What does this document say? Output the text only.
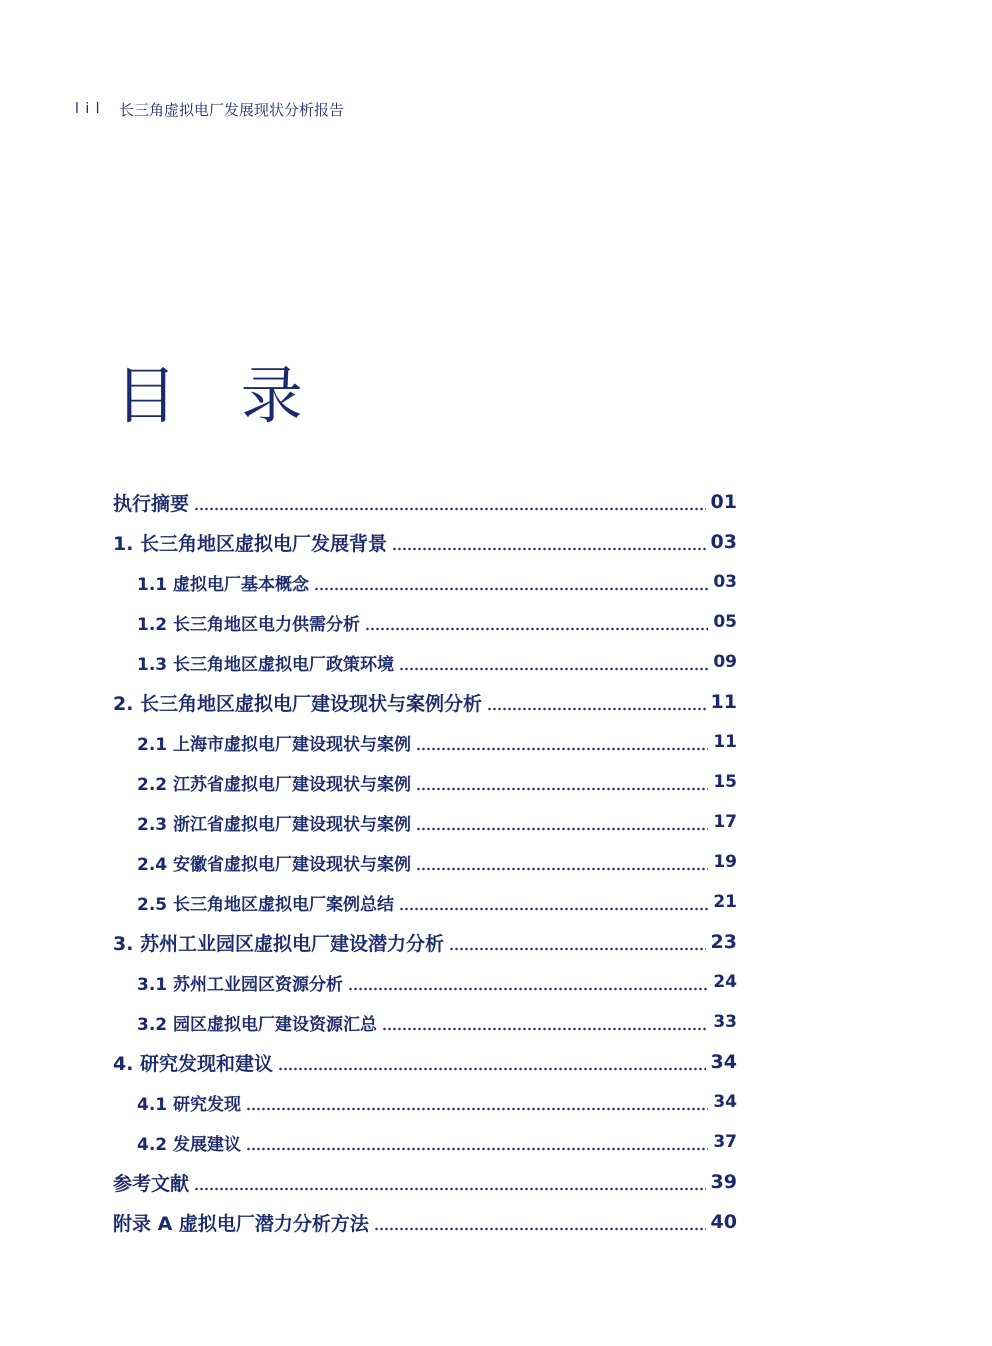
l i l	长三角虚拟电厂发展现状分析报告
目 录
执行摘要	01
1. 长三角地区虚拟电厂发展背景	03
1.1 虚拟电厂基本概念	03
1.2 长三角地区电力供需分析	05
1.3 长三角地区虚拟电厂政策环境	09
2. 长三角地区虚拟电厂建设现状与案例分析	11
2.1 上海市虚拟电厂建设现状与案例	11
2.2 江苏省虚拟电厂建设现状与案例	15
2.3 浙江省虚拟电厂建设现状与案例	17
2.4 安徽省虚拟电厂建设现状与案例	19
2.5 长三角地区虚拟电厂案例总结	21
3. 苏州工业园区虚拟电厂建设潜力分析	23
3.1 苏州工业园区资源分析	24
3.2 园区虚拟电厂建设资源汇总	33
4. 研究发现和建议	34
4.1 研究发现	34
4.2 发展建议	37
参考文献	39
附录 A 虚拟电厂潜力分析方法	40
